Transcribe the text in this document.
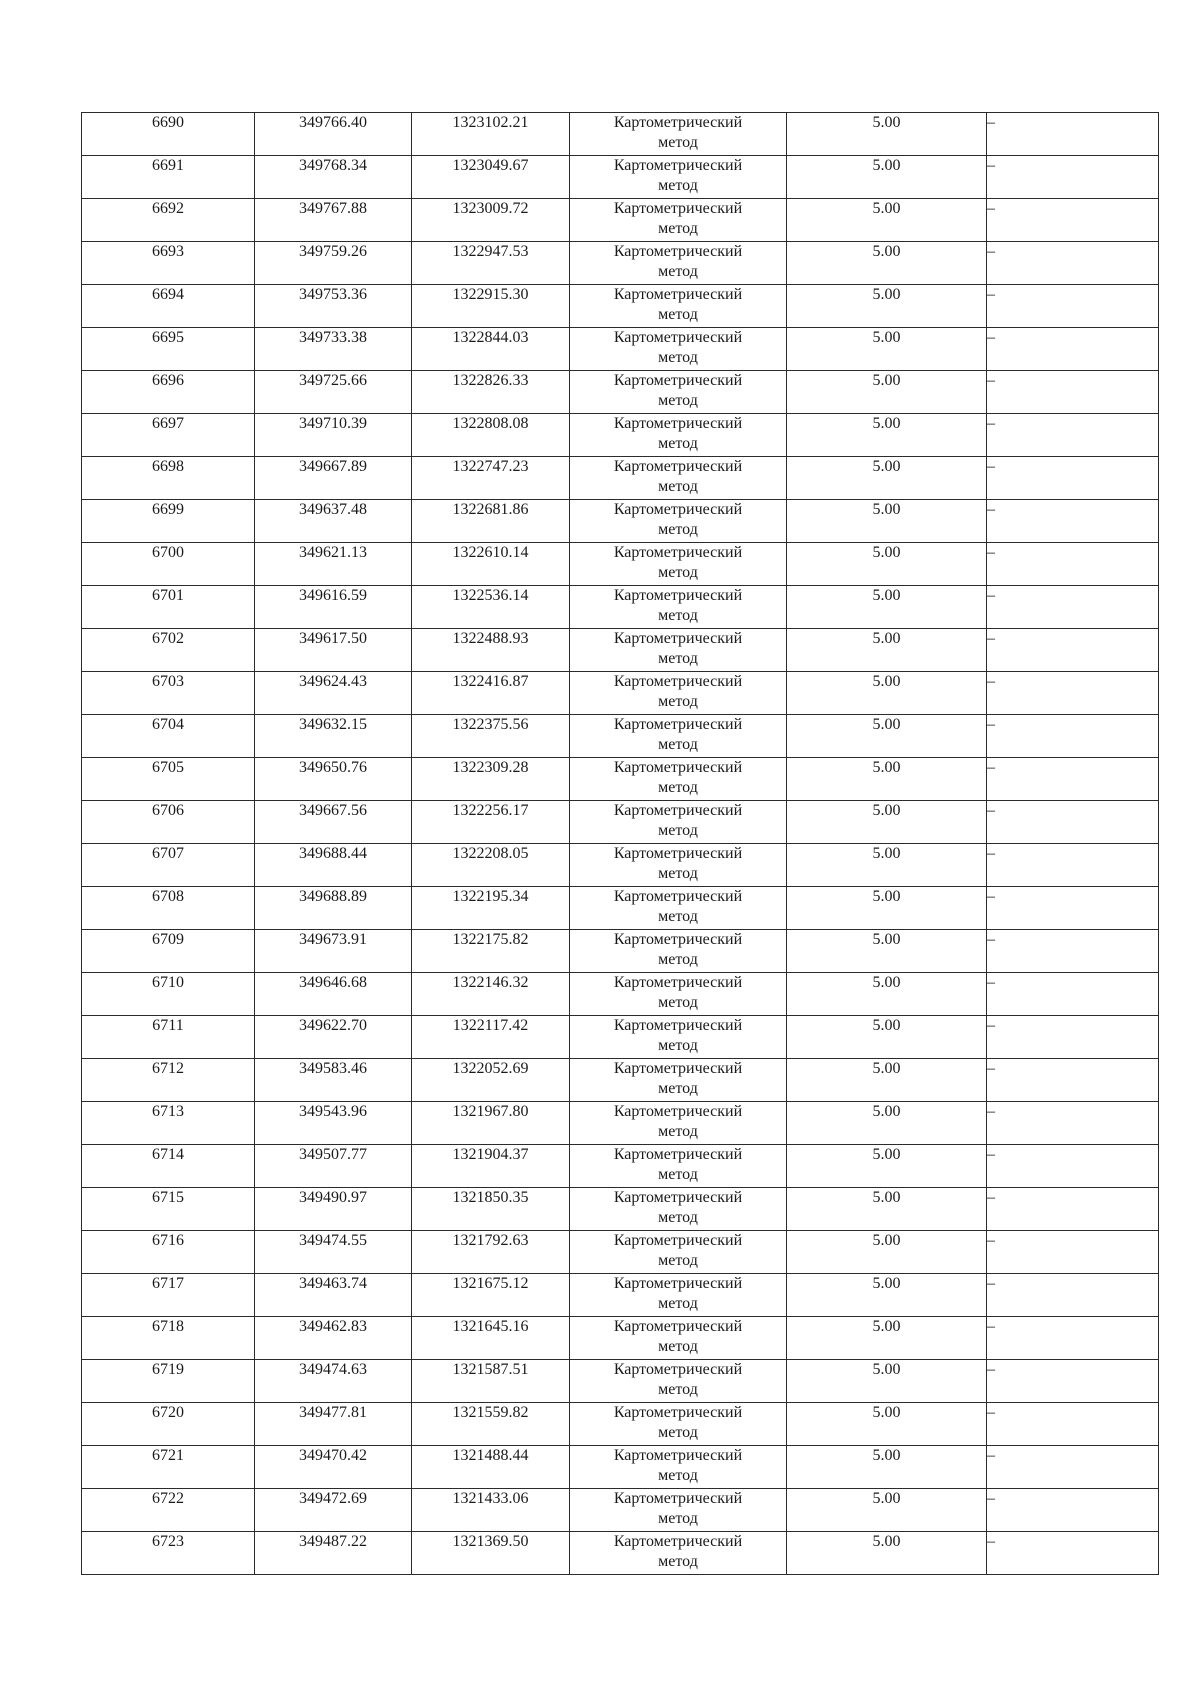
6690	349766.40	1323102.21	Картометрический
метод	5.00	–
6691	349768.34	1323049.67	Картометрический
метод	5.00	–
6692	349767.88	1323009.72	Картометрический
метод	5.00	–
6693	349759.26	1322947.53	Картометрический
метод	5.00	–
6694	349753.36	1322915.30	Картометрический
метод	5.00	–
6695	349733.38	1322844.03	Картометрический
метод	5.00	–
6696	349725.66	1322826.33	Картометрический
метод	5.00	–
6697	349710.39	1322808.08	Картометрический
метод	5.00	–
6698	349667.89	1322747.23	Картометрический
метод	5.00	–
6699	349637.48	1322681.86	Картометрический
метод	5.00	–
6700	349621.13	1322610.14	Картометрический
метод	5.00	–
6701	349616.59	1322536.14	Картометрический
метод	5.00	–
6702	349617.50	1322488.93	Картометрический
метод	5.00	–
6703	349624.43	1322416.87	Картометрический
метод	5.00	–
6704	349632.15	1322375.56	Картометрический
метод	5.00	–
6705	349650.76	1322309.28	Картометрический
метод	5.00	–
6706	349667.56	1322256.17	Картометрический
метод	5.00	–
6707	349688.44	1322208.05	Картометрический
метод	5.00	–
6708	349688.89	1322195.34	Картометрический
метод	5.00	–
6709	349673.91	1322175.82	Картометрический
метод	5.00	–
6710	349646.68	1322146.32	Картометрический
метод	5.00	–
6711	349622.70	1322117.42	Картометрический
метод	5.00	–
6712	349583.46	1322052.69	Картометрический
метод	5.00	–
6713	349543.96	1321967.80	Картометрический
метод	5.00	–
6714	349507.77	1321904.37	Картометрический
метод	5.00	–
6715	349490.97	1321850.35	Картометрический
метод	5.00	–
6716	349474.55	1321792.63	Картометрический
метод	5.00	–
6717	349463.74	1321675.12	Картометрический
метод	5.00	–
6718	349462.83	1321645.16	Картометрический
метод	5.00	–
6719	349474.63	1321587.51	Картометрический
метод	5.00	–
6720	349477.81	1321559.82	Картометрический
метод	5.00	–
6721	349470.42	1321488.44	Картометрический
метод	5.00	–
6722	349472.69	1321433.06	Картометрический
метод	5.00	–
6723	349487.22	1321369.50	Картометрический
метод	5.00	–
